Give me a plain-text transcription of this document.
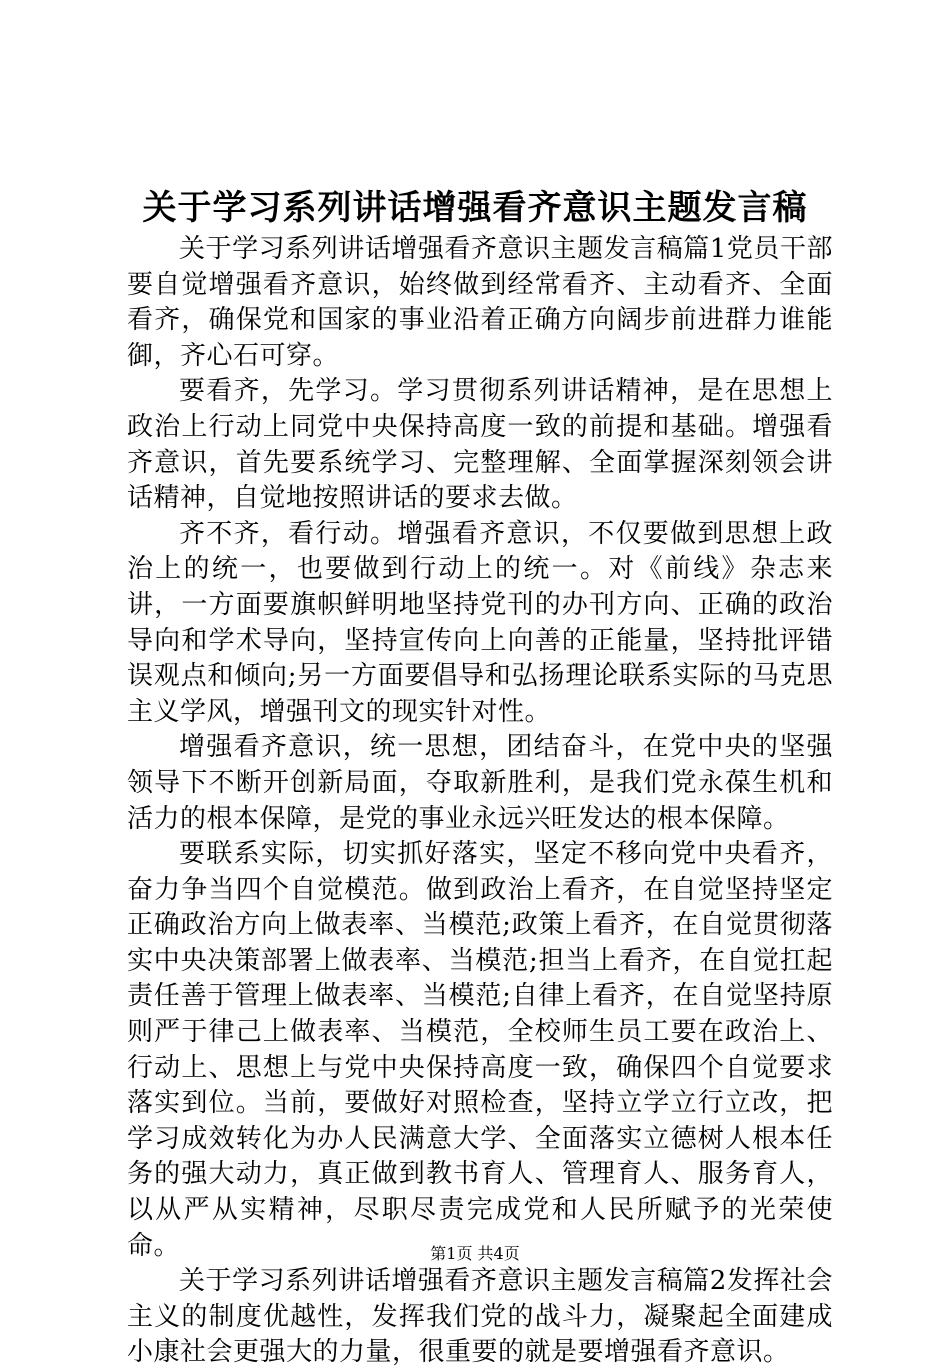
关于学习系列讲话增强看齐意识主题发言稿

关于学习系列讲话增强看齐意识主题发言稿篇1党员干部要自觉增强看齐意识，始终做到经常看齐、主动看齐、全面看齐，确保党和国家的事业沿着正确方向阔步前进群力谁能御，齐心石可穿。

要看齐，先学习。学习贯彻系列讲话精神，是在思想上政治上行动上同党中央保持高度一致的前提和基础。增强看齐意识，首先要系统学习、完整理解、全面掌握深刻领会讲话精神，自觉地按照讲话的要求去做。

齐不齐，看行动。增强看齐意识，不仅要做到思想上政治上的统一，也要做到行动上的统一。对《前线》杂志来讲，一方面要旗帜鲜明地坚持党刊的办刊方向、正确的政治导向和学术导向，坚持宣传向上向善的正能量，坚持批评错误观点和倾向;另一方面要倡导和弘扬理论联系实际的马克思主义学风，增强刊文的现实针对性。

增强看齐意识，统一思想，团结奋斗，在党中央的坚强领导下不断开创新局面，夺取新胜利，是我们党永葆生机和活力的根本保障，是党的事业永远兴旺发达的根本保障。

要联系实际，切实抓好落实，坚定不移向党中央看齐，奋力争当四个自觉模范。做到政治上看齐，在自觉坚持坚定正确政治方向上做表率、当模范;政策上看齐，在自觉贯彻落实中央决策部署上做表率、当模范;担当上看齐，在自觉扛起责任善于管理上做表率、当模范;自律上看齐，在自觉坚持原则严于律己上做表率、当模范，全校师生员工要在政治上、行动上、思想上与党中央保持高度一致，确保四个自觉要求落实到位。当前，要做好对照检查，坚持立学立行立改，把学习成效转化为办人民满意大学、全面落实立德树人根本任务的强大动力，真正做到教书育人、管理育人、服务育人，以从严从实精神，尽职尽责完成党和人民所赋予的光荣使命。

关于学习系列讲话增强看齐意识主题发言稿篇2发挥社会主义的制度优越性，发挥我们党的战斗力，凝聚起全面建成小康社会更强大的力量，很重要的就是要增强看齐意识。

第1页 共4页
